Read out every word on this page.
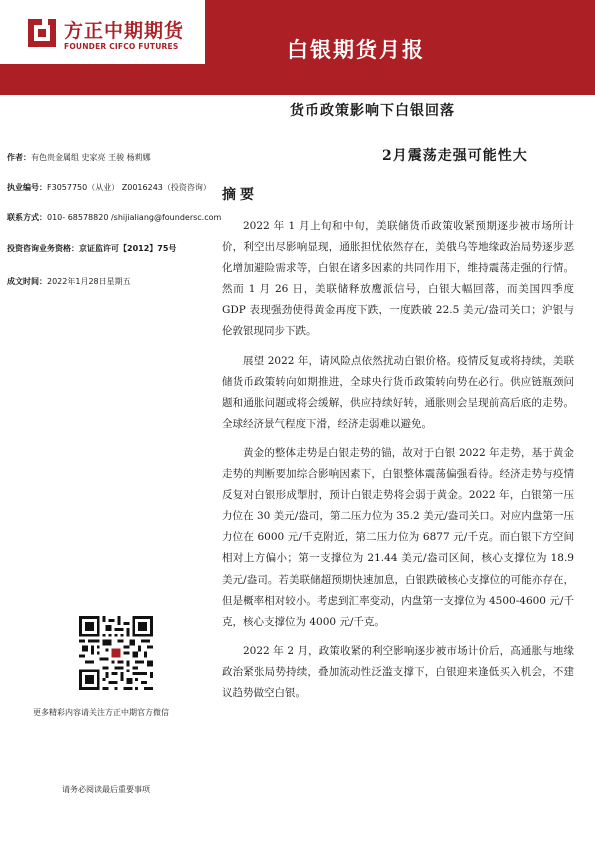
方正中期期货
FOUNDER CIFCO FUTURES	白银期货月报
货币政策影响下白银回落
2月震荡走强可能性大
作者：有色贵金属组 史家亮 王骏 杨莉娜
执业编号：F3057750（从业） Z0016243（投资咨询）
联系方式：010- 68578820 /shijialiang@foundersc.com
投资咨询业务资格：京证监许可【2012】75号
成文时间：2022年1月28日星期五
摘要

2022 年 1 月上旬和中旬，美联储货币政策收紧预期逐步被市场所计价，利空出尽影响显现，通胀担忧依然存在，美俄乌等地缘政治局势逐步恶化增加避险需求等，白银在诸多因素的共同作用下，维持震荡走强的行情。然而 1 月 26 日，美联储释放鹰派信号，白银大幅回落，而美国四季度 GDP 表现强劲使得黄金再度下跌，一度跌破 22.5 美元/盎司关口；沪银与伦敦银现同步下跌。

展望 2022 年，请风险点依然扰动白银价格。疫情反复或将持续，美联储货币政策转向如期推进，全球央行货币政策转向势在必行。供应链瓶颈问题和通胀问题或将会缓解，供应持续好转，通胀则会呈现前高后底的走势。全球经济景气程度下滑，经济走弱难以避免。

黄金的整体走势是白银走势的锚，故对于白银 2022 年走势，基于黄金走势的判断要加综合影响因素下，白银整体震荡偏强看待。经济走势与疫情反复对白银形成掣肘，预计白银走势将会弱于黄金。2022 年，白银第一压力位在 30 美元/盎司，第二压力位为 35.2 美元/盎司关口。对应内盘第一压力位在 6000 元/千克附近，第二压力位为 6877 元/千克。而白银下方空间相对上方偏小；第一支撑位为 21.44 美元/盎司区间，核心支撑位为 18.9 美元/盎司。若美联储超预期快速加息，白银跌破核心支撑位的可能亦存在，但是概率相对较小。考虑到汇率变动，内盘第一支撑位为 4500-4600 元/千克，核心支撑位为 4000 元/千克。

2022 年 2 月，政策收紧的利空影响逐步被市场计价后，高通胀与地缘政治紧张局势持续，叠加流动性泛滥支撑下，白银迎来逢低买入机会，不建议趋势做空白银。

更多精彩内容请关注方正中期官方微信
请务必阅读最后重要事项
